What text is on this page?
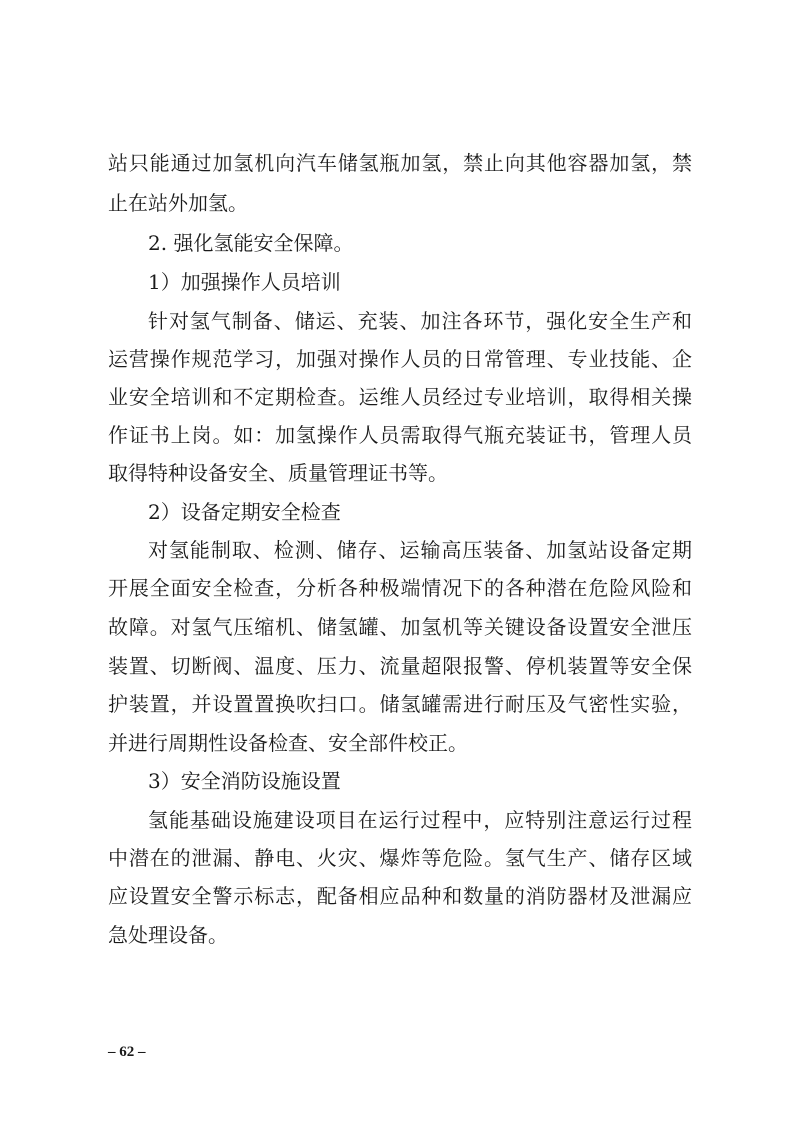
站只能通过加氢机向汽车储氢瓶加氢，禁止向其他容器加氢，禁

止在站外加氢。

2. 强化氢能安全保障。

1）加强操作人员培训

针对氢气制备、储运、充装、加注各环节，强化安全生产和

运营操作规范学习，加强对操作人员的日常管理、专业技能、企

业安全培训和不定期检查。运维人员经过专业培训，取得相关操

作证书上岗。如：加氢操作人员需取得气瓶充装证书，管理人员

取得特种设备安全、质量管理证书等。

2）设备定期安全检查

对氢能制取、检测、储存、运输高压装备、加氢站设备定期

开展全面安全检查，分析各种极端情况下的各种潜在危险风险和

故障。对氢气压缩机、储氢罐、加氢机等关键设备设置安全泄压

装置、切断阀、温度、压力、流量超限报警、停机装置等安全保

护装置，并设置置换吹扫口。储氢罐需进行耐压及气密性实验，

并进行周期性设备检查、安全部件校正。

3）安全消防设施设置

氢能基础设施建设项目在运行过程中，应特别注意运行过程

中潜在的泄漏、静电、火灾、爆炸等危险。氢气生产、储存区域

应设置安全警示标志，配备相应品种和数量的消防器材及泄漏应

急处理设备。

– 62 –
